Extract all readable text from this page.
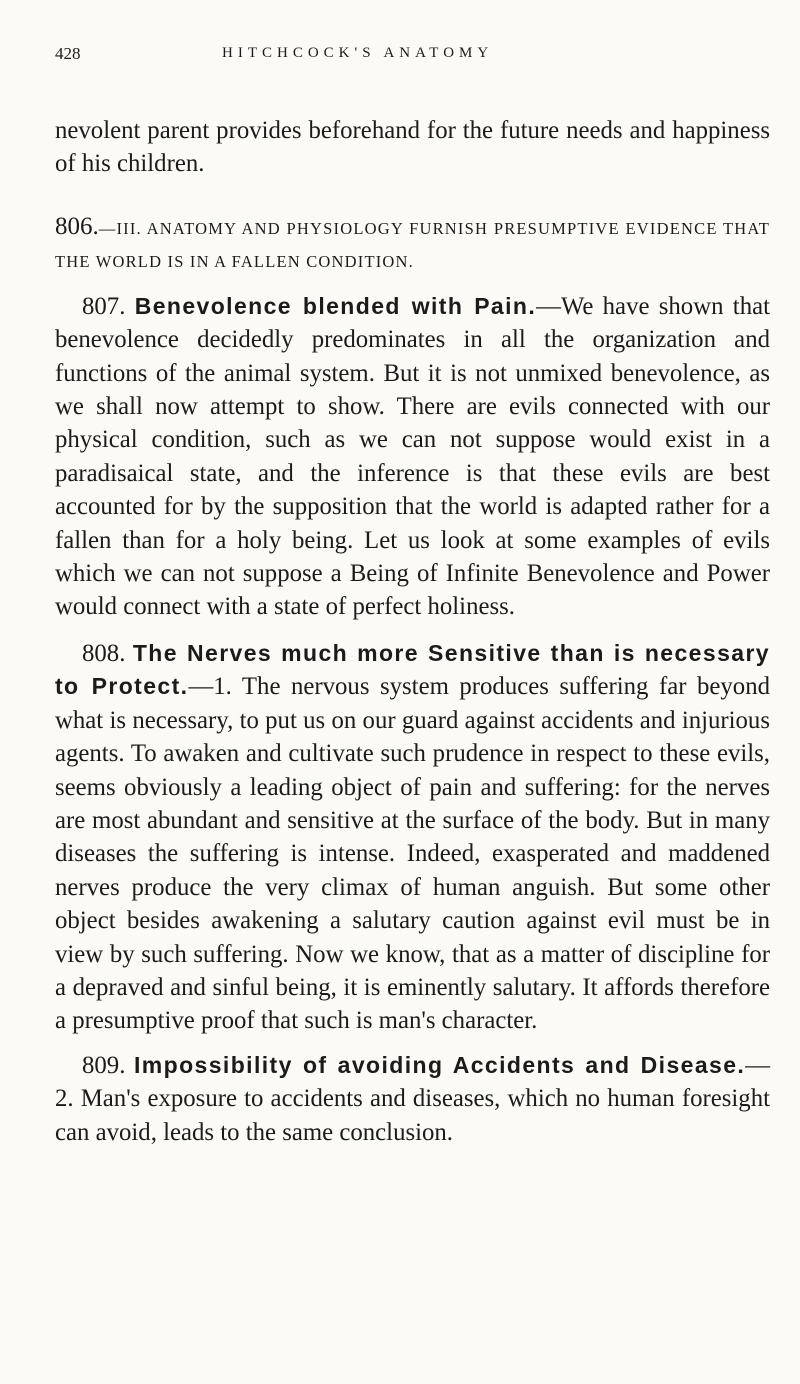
428	HITCHCOCK'S ANATOMY

nevolent parent provides beforehand for the future needs and happiness of his children.

806.—III. ANATOMY AND PHYSIOLOGY FURNISH PRESUMPTIVE EVIDENCE THAT THE WORLD IS IN A FALLEN CONDITION.

807. Benevolence blended with Pain.—We have shown that benevolence decidedly predominates in all the organization and functions of the animal system. But it is not unmixed benevolence, as we shall now attempt to show. There are evils connected with our physical condition, such as we can not suppose would exist in a paradisaical state, and the inference is that these evils are best accounted for by the supposition that the world is adapted rather for a fallen than for a holy being. Let us look at some examples of evils which we can not suppose a Being of Infinite Benevolence and Power would connect with a state of perfect holiness.

808. The Nerves much more Sensitive than is necessary to Protect.—1. The nervous system produces suffering far beyond what is necessary, to put us on our guard against accidents and injurious agents. To awaken and cultivate such prudence in respect to these evils, seems obviously a leading object of pain and suffering: for the nerves are most abundant and sensitive at the surface of the body. But in many diseases the suffering is intense. Indeed, exasperated and maddened nerves produce the very climax of human anguish. But some other object besides awakening a salutary caution against evil must be in view by such suffering. Now we know, that as a matter of discipline for a depraved and sinful being, it is eminently salutary. It affords therefore a presumptive proof that such is man's character.

809. Impossibility of avoiding Accidents and Disease.—2. Man's exposure to accidents and diseases, which no human foresight can avoid, leads to the same conclusion.
